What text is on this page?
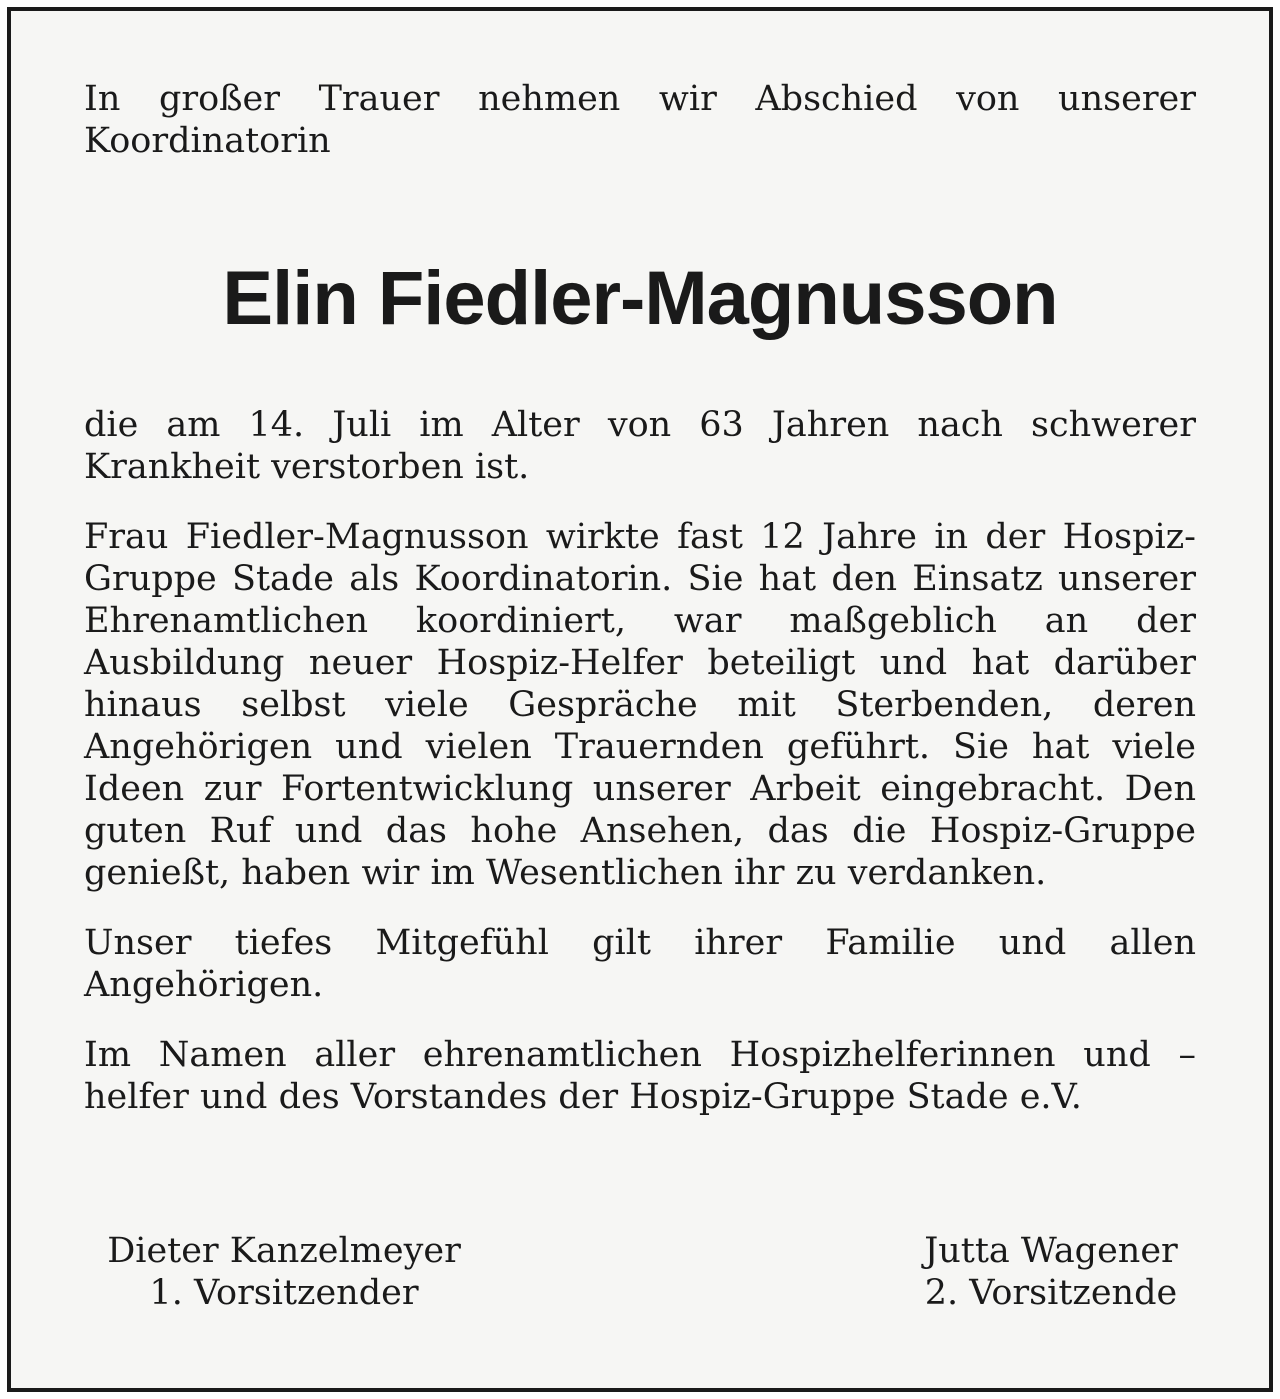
In großer Trauer nehmen wir Abschied von unserer Koordinatorin

Elin Fiedler-Magnusson

die am 14. Juli im Alter von 63 Jahren nach schwerer Krankheit verstorben ist.

Frau Fiedler-Magnusson wirkte fast 12 Jahre in der Hospiz-Gruppe Stade als Koordinatorin. Sie hat den Einsatz unserer Ehrenamtlichen koordiniert, war maßgeblich an der Ausbildung neuer Hospiz-Helfer beteiligt und hat darüber hinaus selbst viele Gespräche mit Sterbenden, deren Angehörigen und vielen Trauernden geführt. Sie hat viele Ideen zur Fortentwicklung unserer Arbeit eingebracht. Den guten Ruf und das hohe Ansehen, das die Hospiz-Gruppe genießt, haben wir im Wesentlichen ihr zu verdanken.

Unser tiefes Mitgefühl gilt ihrer Familie und allen Angehörigen.

Im Namen aller ehrenamtlichen Hospizhelferinnen und –helfer und des Vorstandes der Hospiz-Gruppe Stade e.V.

Dieter Kanzelmeyer
1. Vorsitzender
Jutta Wagener
2. Vorsitzende
